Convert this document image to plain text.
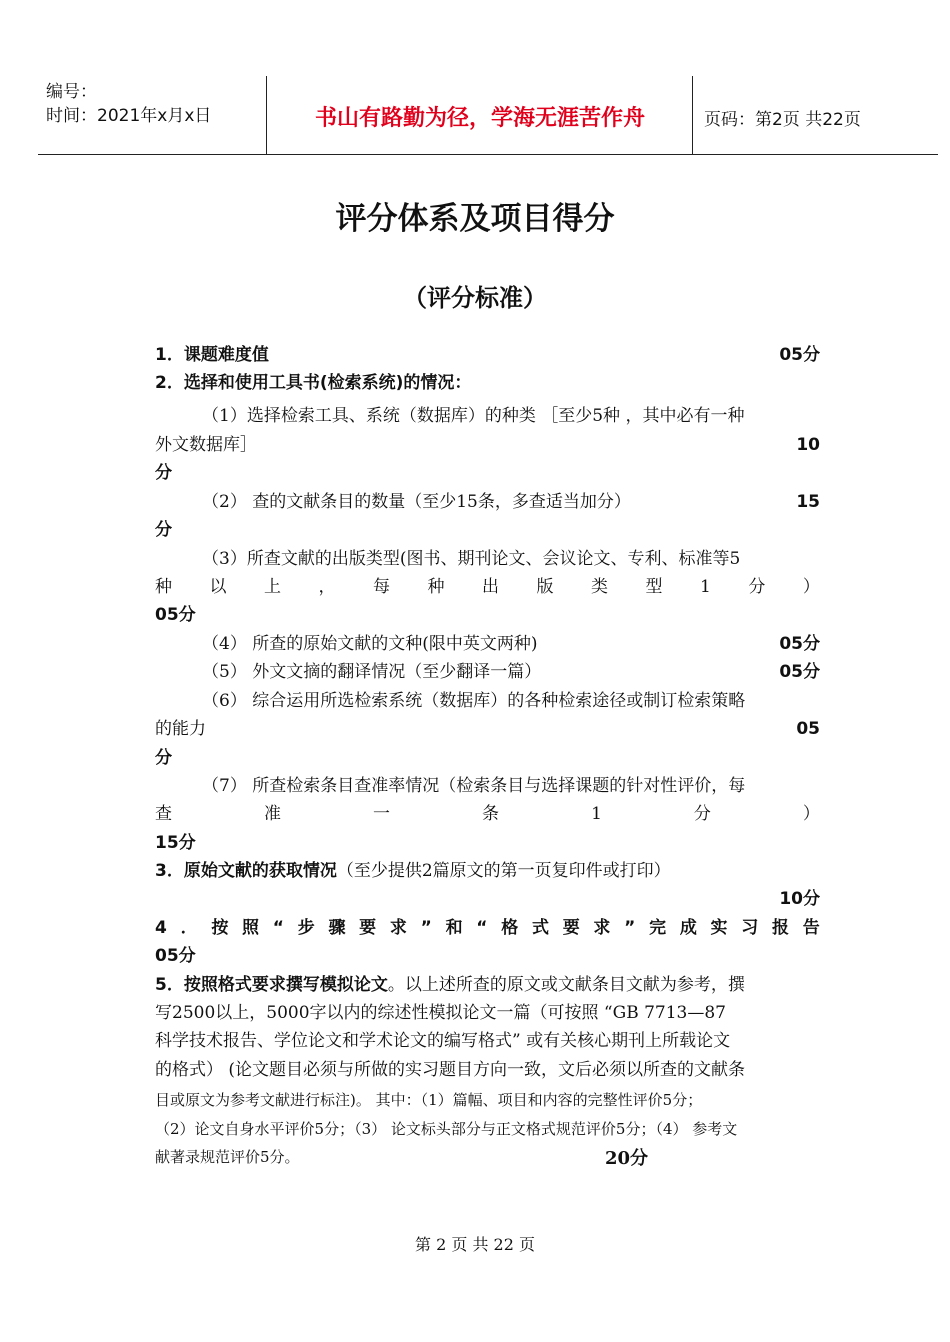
编号：
时间：2021年x月x日	书山有路勤为径，学海无涯苦作舟	页码：第2页 共22页
评分体系及项目得分
（评分标准）
1．课题难度值	05分
2．选择和使用工具书(检索系统)的情况：
（1）选择检索工具、系统（数据库）的种类 ［至少5种 ，其中必有一种
外文数据库］	10
分
（2） 查的文献条目的数量（至少15条，多查适当加分）	15
分
（3）所查文献的出版类型(图书、期刊论文、会议论文、专利、标准等5
种 以 上 ， 每 种 出 版 类 型 1 分 ）
05分
（4） 所查的原始文献的文种(限中英文两种)	05分
（5） 外文文摘的翻译情况（至少翻译一篇）	05分
（6） 综合运用所选检索系统（数据库）的各种检索途径或制订检索策略
的能力	05
分
（7） 所查检索条目查准率情况（检索条目与选择课题的针对性评价，每
查	准	一	条	1	分	）
15分
3．原始文献的获取情况（至少提供2篇原文的第一页复印件或打印）
10分
4 ． 按 照 “ 步 骤 要 求 ” 和 “ 格 式 要 求 ” 完 成 实 习 报 告
05分
5．按照格式要求撰写模拟论文。以上述所查的原文或文献条目文献为参考，撰
写2500以上，5000字以内的综述性模拟论文一篇（可按照 “GB 7713—87
科学技术报告、学位论文和学术论文的编写格式” 或有关核心期刊上所载论文
的格式） (论文题目必须与所做的实习题目方向一致，文后必须以所查的文献条
目或原文为参考文献进行标注)。 其中：（1）篇幅、项目和内容的完整性评价5分；
（2）论文自身水平评价5分；（3） 论文标头部分与正文格式规范评价5分；（4） 参考文
献著录规范评价5分。	20分
第 2 页 共 22 页
